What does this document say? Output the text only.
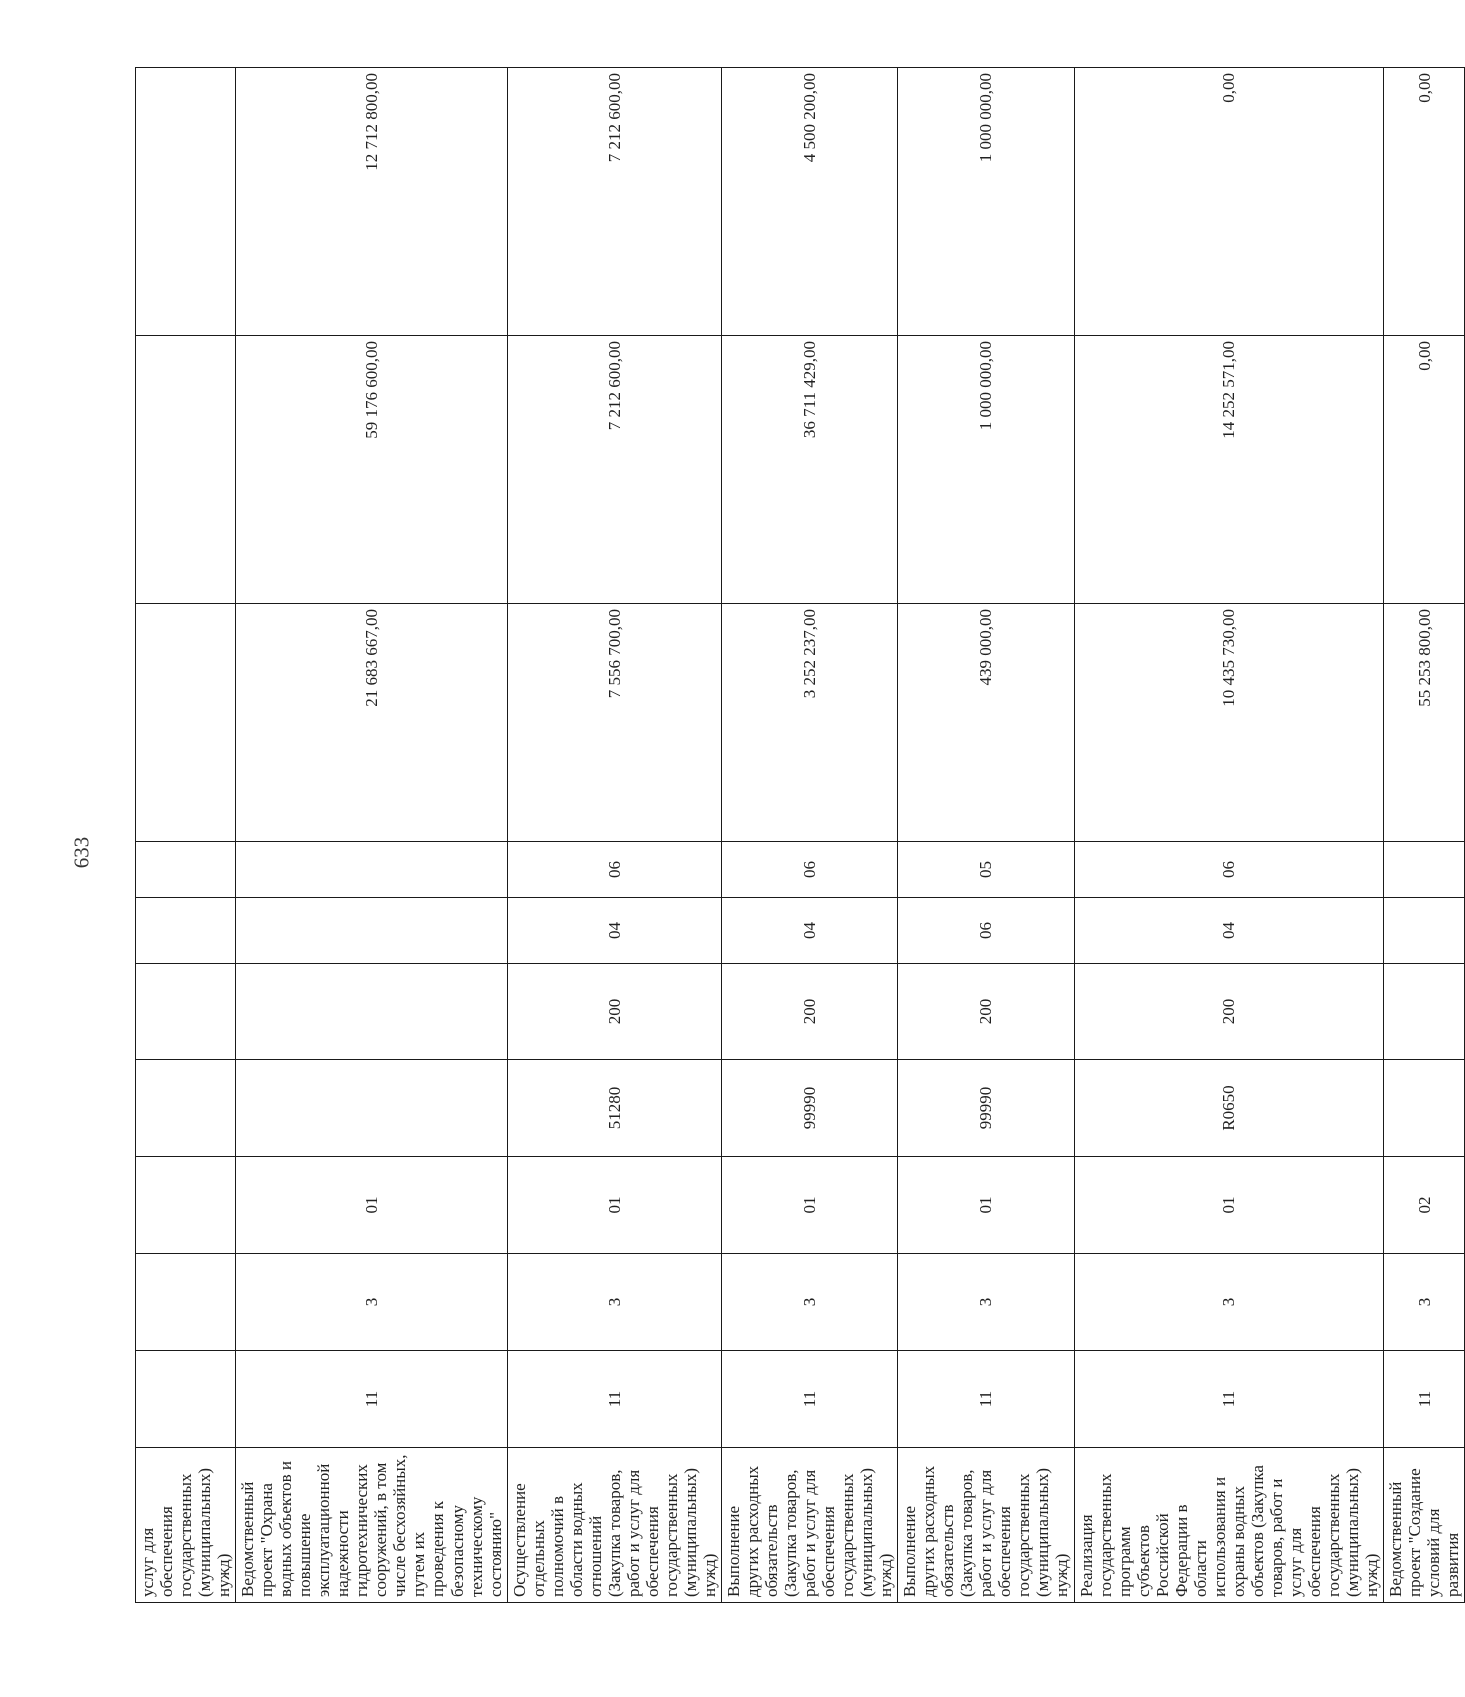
633
услуг для обеспечения государственных (муниципальных) нужд)										
Ведомственный проект "Охрана водных объектов и повышение эксплуатационной надежности гидротехнических сооружений, в том числе бесхозяйных, путем их проведения к безопасному техническому состоянию"	11	3	01					21 683 667,00	59 176 600,00	12 712 800,00
Осуществление отдельных полномочий в области водных отношений (Закупка товаров, работ и услуг для обеспечения государственных (муниципальных) нужд)	11	3	01	51280	200	04	06	7 556 700,00	7 212 600,00	7 212 600,00
Выполнение других расходных обязательств (Закупка товаров, работ и услуг для обеспечения государственных (муниципальных) нужд)	11	3	01	99990	200	04	06	3 252 237,00	36 711 429,00	4 500 200,00
Выполнение других расходных обязательств (Закупка товаров, работ и услуг для обеспечения государственных (муниципальных) нужд)	11	3	01	99990	200	06	05	439 000,00	1 000 000,00	1 000 000,00
Реализация государственных программ субъектов Российской Федерации в области использования и охраны водных объектов (Закупка товаров, работ и услуг для обеспечения государственных (муниципальных) нужд)	11	3	01	R0650	200	04	06	10 435 730,00	14 252 571,00	0,00
Ведомственный проект "Создание условий для развития	11	3	02					55 253 800,00	0,00	0,00
